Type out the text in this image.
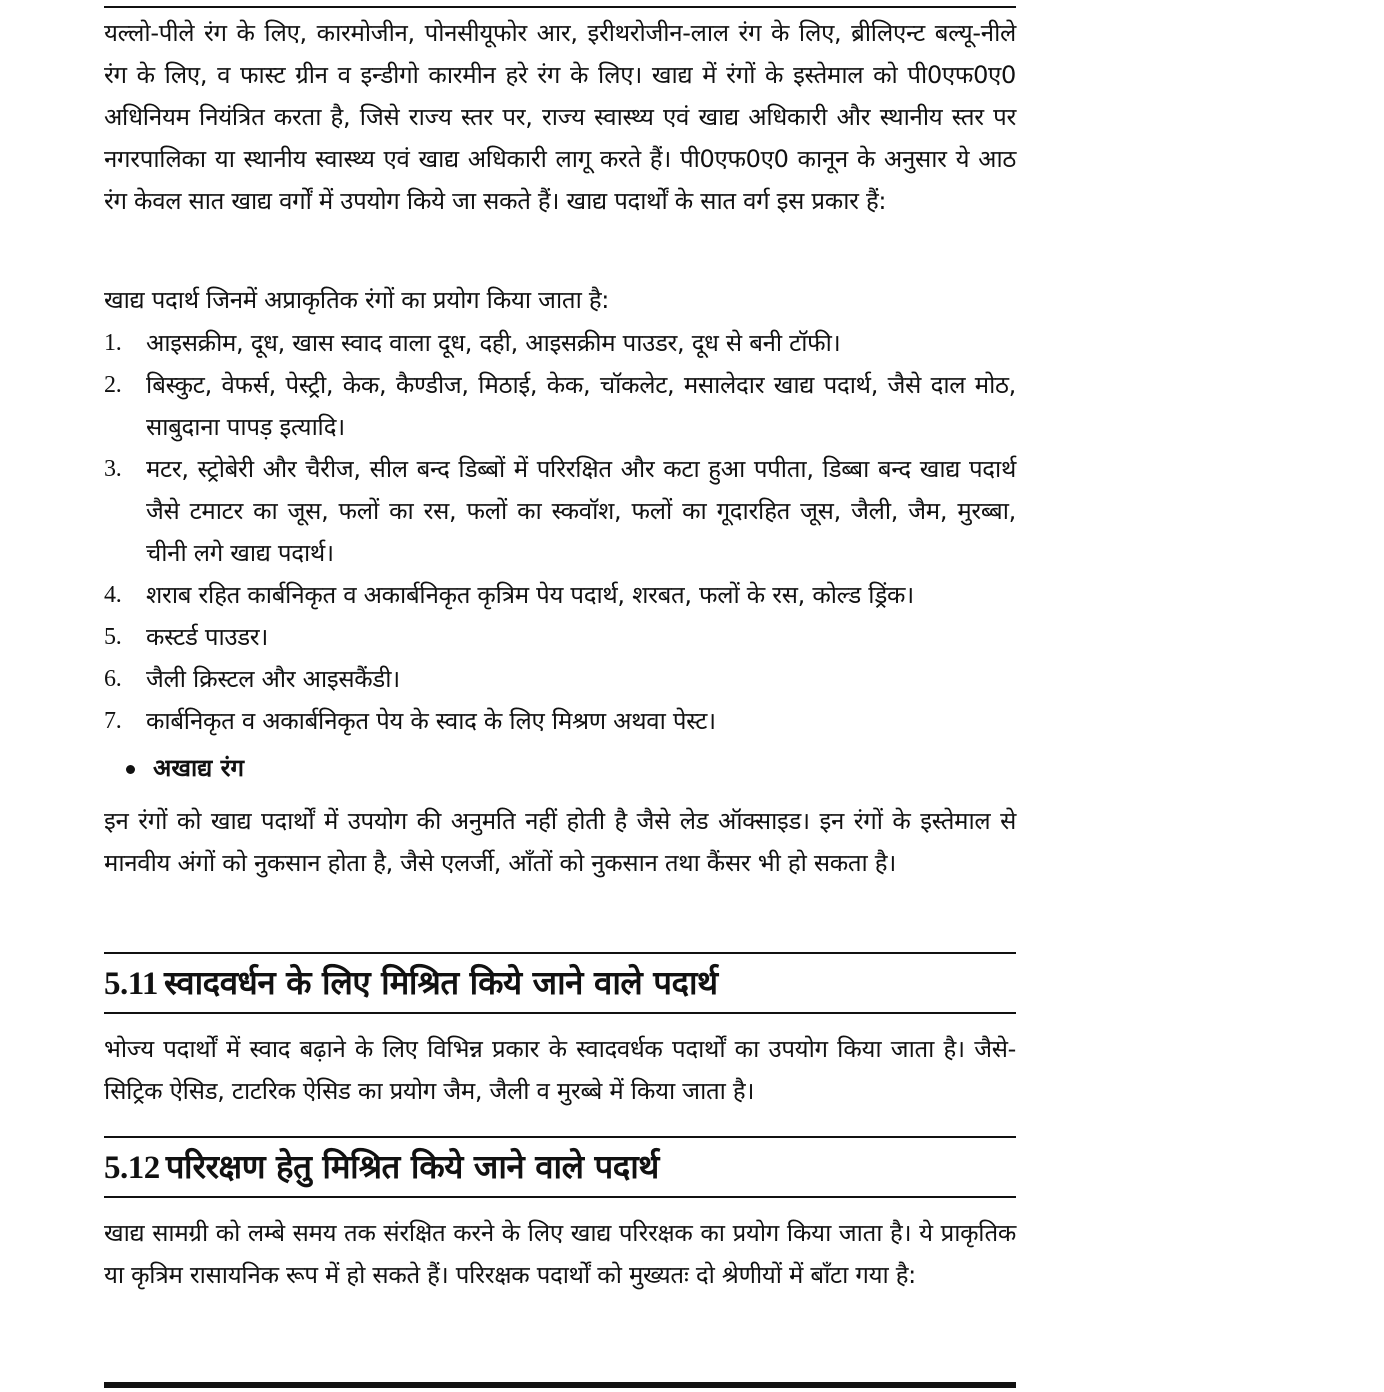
यल्लो-पीले रंग के लिए, कारमोजीन, पोनसीयूफोर आर, इरीथरोजीन-लाल रंग के लिए, ब्रीलिएन्ट बल्यू-नीले रंग के लिए, व फास्ट ग्रीन व इन्डीगो कारमीन हरे रंग के लिए। खाद्य में रंगों के इस्तेमाल को पी0एफ0ए0 अधिनियम नियंत्रित करता है, जिसे राज्य स्तर पर, राज्य स्वास्थ्य एवं खाद्य अधिकारी और स्थानीय स्तर पर नगरपालिका या स्थानीय स्वास्थ्य एवं खाद्य अधिकारी लागू करते हैं। पी0एफ0ए0 कानून के अनुसार ये आठ रंग केवल सात खाद्य वर्गों में उपयोग किये जा सकते हैं। खाद्य पदार्थों के सात वर्ग इस प्रकार हैं:

खाद्य पदार्थ जिनमें अप्राकृतिक रंगों का प्रयोग किया जाता है:

1.	आइसक्रीम, दूध, खास स्वाद वाला दूध, दही, आइसक्रीम पाउडर, दूध से बनी टॉफी।
2.	बिस्कुट, वेफर्स, पेस्ट्री, केक, कैण्डीज, मिठाई, केक, चॉकलेट, मसालेदार खाद्य पदार्थ, जैसे दाल मोठ, साबुदाना पापड़ इत्यादि।
3.	मटर, स्ट्रोबेरी और चैरीज, सील बन्द डिब्बों में परिरक्षित और कटा हुआ पपीता, डिब्बा बन्द खाद्य पदार्थ जैसे टमाटर का जूस, फलों का रस, फलों का स्कवॉश, फलों का गूदारहित जूस, जैली, जैम, मुरब्बा, चीनी लगे खाद्य पदार्थ।
4.	शराब रहित कार्बनिकृत व अकार्बनिकृत कृत्रिम पेय पदार्थ, शरबत, फलों के रस, कोल्ड ड्रिंक।
5.	कस्टर्ड पाउडर।
6.	जैली क्रिस्टल और आइसकैंडी।
7.	कार्बनिकृत व अकार्बनिकृत पेय के स्वाद के लिए मिश्रण अथवा पेस्ट।
अखाद्य रंग

इन रंगों को खाद्य पदार्थों में उपयोग की अनुमति नहीं होती है जैसे लेड ऑक्साइड। इन रंगों के इस्तेमाल से मानवीय अंगों को नुकसान होता है, जैसे एलर्जी, आँतों को नुकसान तथा कैंसर भी हो सकता है।

5.11 स्वादवर्धन के लिए मिश्रित किये जाने वाले पदार्थ

भोज्य पदार्थों में स्वाद बढ़ाने के लिए विभिन्न प्रकार के स्वादवर्धक पदार्थों का उपयोग किया जाता है। जैसे- सिट्रिक ऐसिड, टाटरिक ऐसिड का प्रयोग जैम, जैली व मुरब्बे में किया जाता है।

5.12 परिरक्षण हेतु मिश्रित किये जाने वाले पदार्थ

खाद्य सामग्री को लम्बे समय तक संरक्षित करने के लिए खाद्य परिरक्षक का प्रयोग किया जाता है। ये प्राकृतिक या कृत्रिम रासायनिक रूप में हो सकते हैं। परिरक्षक पदार्थों को मुख्यतः दो श्रेणीयों में बाँटा गया है:
